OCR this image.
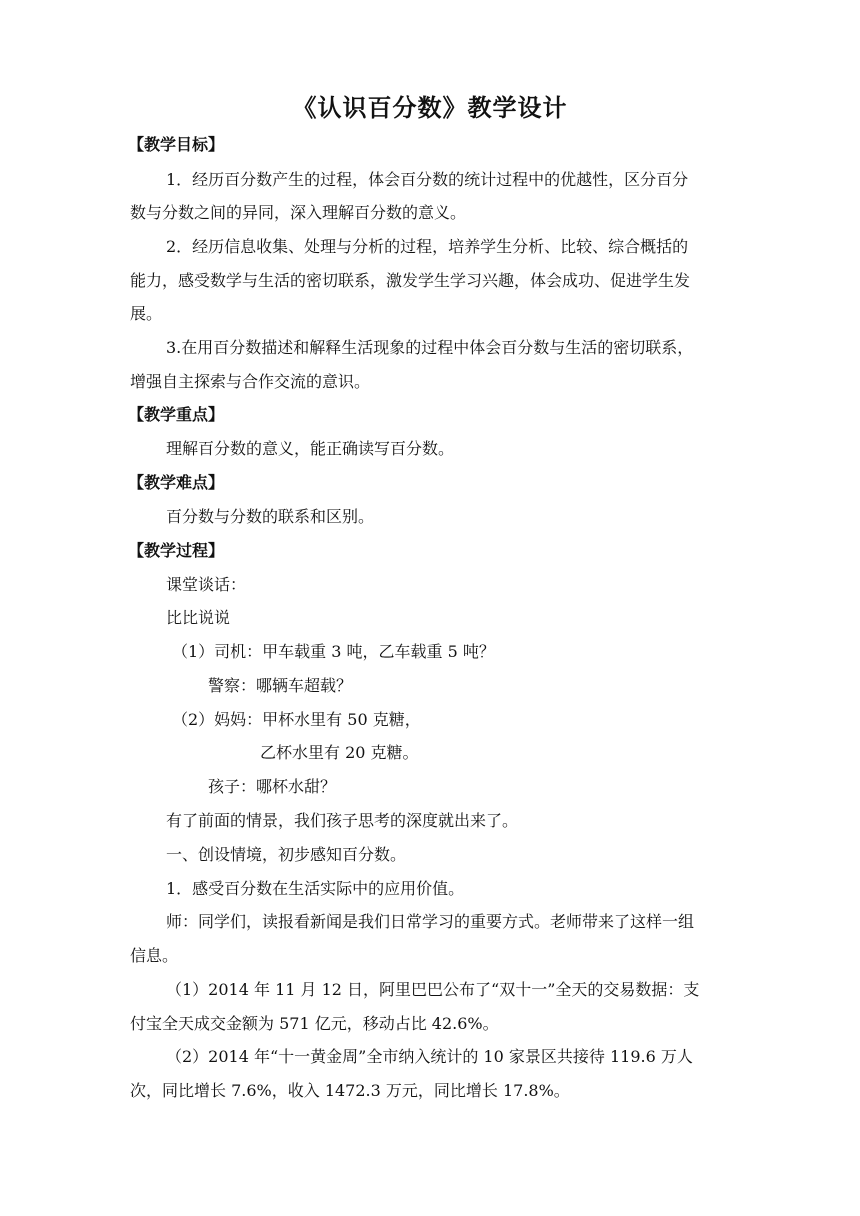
《认识百分数》教学设计
【教学目标】
1．经历百分数产生的过程，体会百分数的统计过程中的优越性，区分百分
数与分数之间的异同，深入理解百分数的意义。
2．经历信息收集、处理与分析的过程，培养学生分析、比较、综合概括的
能力，感受数学与生活的密切联系，激发学生学习兴趣，体会成功、促进学生发
展。
3.在用百分数描述和解释生活现象的过程中体会百分数与生活的密切联系，
增强自主探索与合作交流的意识。
【教学重点】
理解百分数的意义，能正确读写百分数。
【教学难点】
百分数与分数的联系和区别。
【教学过程】
课堂谈话：
比比说说
（1）司机：甲车载重 3 吨，乙车载重 5 吨？
警察：哪辆车超载？
（2）妈妈：甲杯水里有 50 克糖，
乙杯水里有 20 克糖。
孩子：哪杯水甜？
有了前面的情景，我们孩子思考的深度就出来了。
一、创设情境，初步感知百分数。
1．感受百分数在生活实际中的应用价值。
师：同学们，读报看新闻是我们日常学习的重要方式。老师带来了这样一组
信息。
（1）2014 年 11 月 12 日，阿里巴巴公布了“双十一”全天的交易数据：支
付宝全天成交金额为 571 亿元，移动占比 42.6%。
（2）2014 年“十一黄金周”全市纳入统计的 10 家景区共接待 119.6 万人
次，同比增长 7.6%，收入 1472.3 万元，同比增长 17.8%。
